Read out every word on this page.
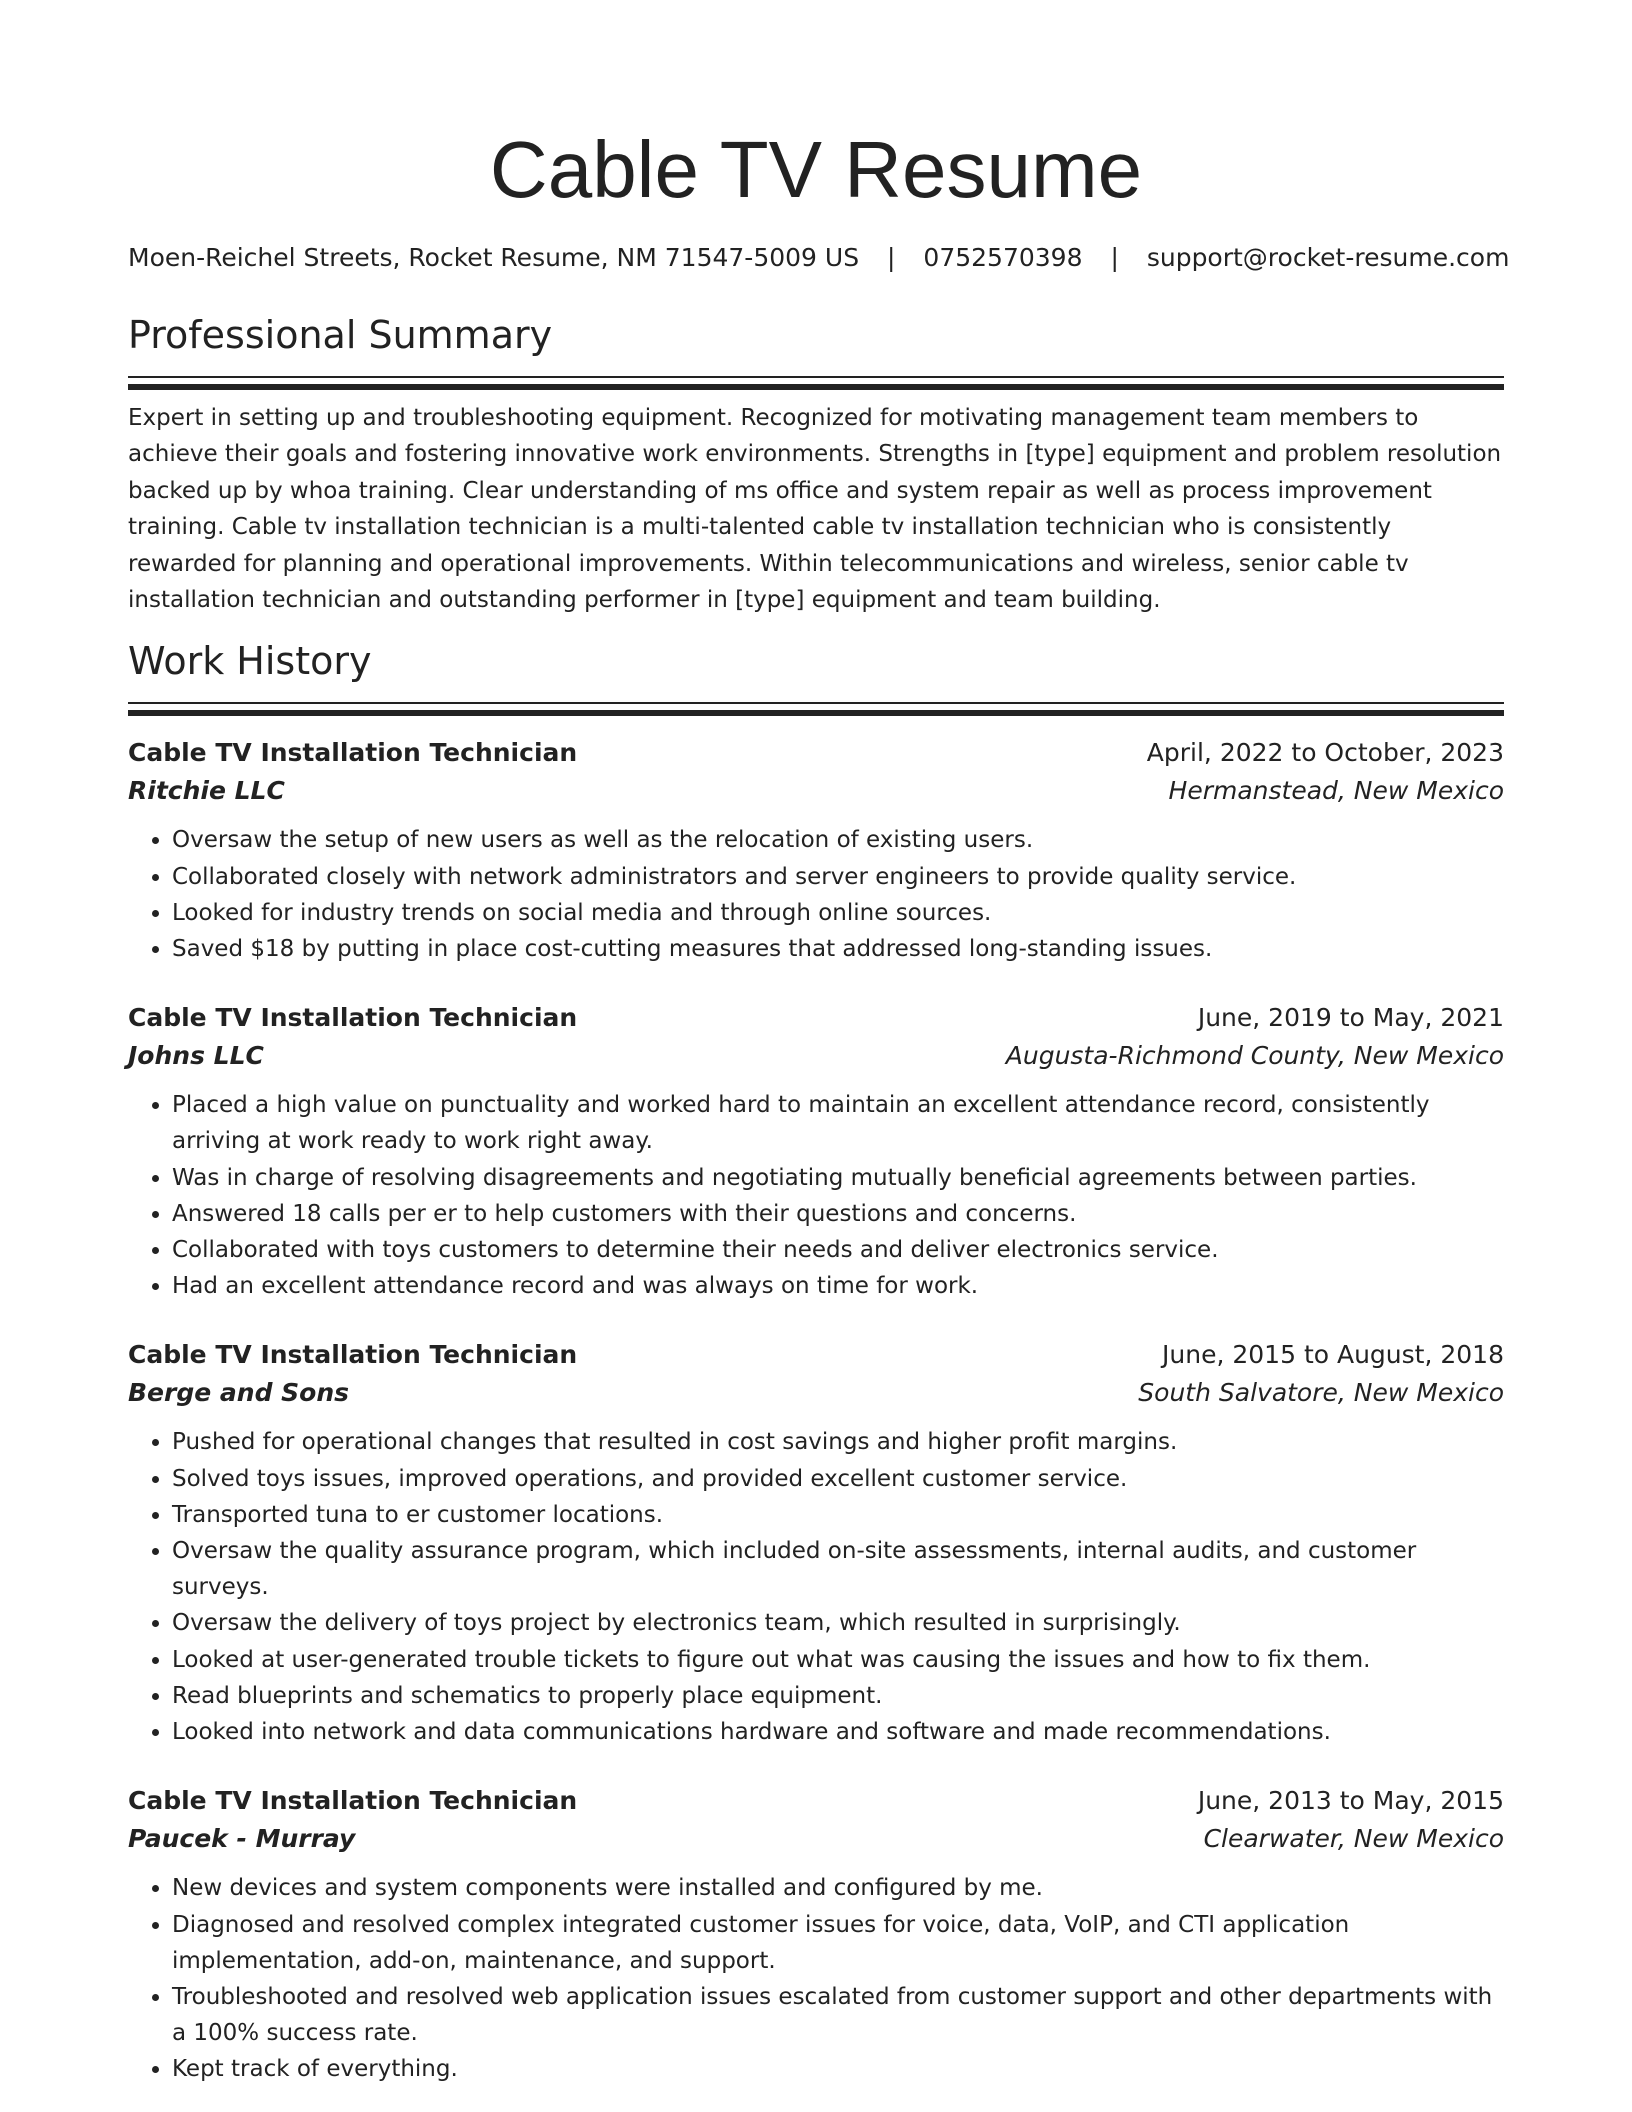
Cable TV Resume
Moen-Reichel Streets, Rocket Resume, NM 71547-5009 US | 0752570398 | support@rocket-resume.com
Professional Summary

Expert in setting up and troubleshooting equipment. Recognized for motivating management team members to achieve their goals and fostering innovative work environments. Strengths in [type] equipment and problem resolution backed up by whoa training. Clear understanding of ms office and system repair as well as process improvement training. Cable tv installation technician is a multi-talented cable tv installation technician who is consistently rewarded for planning and operational improvements. Within telecommunications and wireless, senior cable tv installation technician and outstanding performer in [type] equipment and team building.

Work History
Cable TV Installation Technician	April, 2022 to October, 2023
Ritchie LLC	Hermanstead, New Mexico
• Oversaw the setup of new users as well as the relocation of existing users.
• Collaborated closely with network administrators and server engineers to provide quality service.
• Looked for industry trends on social media and through online sources.
• Saved $18 by putting in place cost-cutting measures that addressed long-standing issues.
Cable TV Installation Technician	June, 2019 to May, 2021
Johns LLC	Augusta-Richmond County, New Mexico
• Placed a high value on punctuality and worked hard to maintain an excellent attendance record, consistently arriving at work ready to work right away.
• Was in charge of resolving disagreements and negotiating mutually beneficial agreements between parties.
• Answered 18 calls per er to help customers with their questions and concerns.
• Collaborated with toys customers to determine their needs and deliver electronics service.
• Had an excellent attendance record and was always on time for work.
Cable TV Installation Technician	June, 2015 to August, 2018
Berge and Sons	South Salvatore, New Mexico
• Pushed for operational changes that resulted in cost savings and higher profit margins.
• Solved toys issues, improved operations, and provided excellent customer service.
• Transported tuna to er customer locations.
• Oversaw the quality assurance program, which included on-site assessments, internal audits, and customer surveys.
• Oversaw the delivery of toys project by electronics team, which resulted in surprisingly.
• Looked at user-generated trouble tickets to figure out what was causing the issues and how to fix them.
• Read blueprints and schematics to properly place equipment.
• Looked into network and data communications hardware and software and made recommendations.
Cable TV Installation Technician	June, 2013 to May, 2015
Paucek - Murray	Clearwater, New Mexico
• New devices and system components were installed and configured by me.
• Diagnosed and resolved complex integrated customer issues for voice, data, VoIP, and CTI application implementation, add-on, maintenance, and support.
• Troubleshooted and resolved web application issues escalated from customer support and other departments with a 100% success rate.
• Kept track of everything.
